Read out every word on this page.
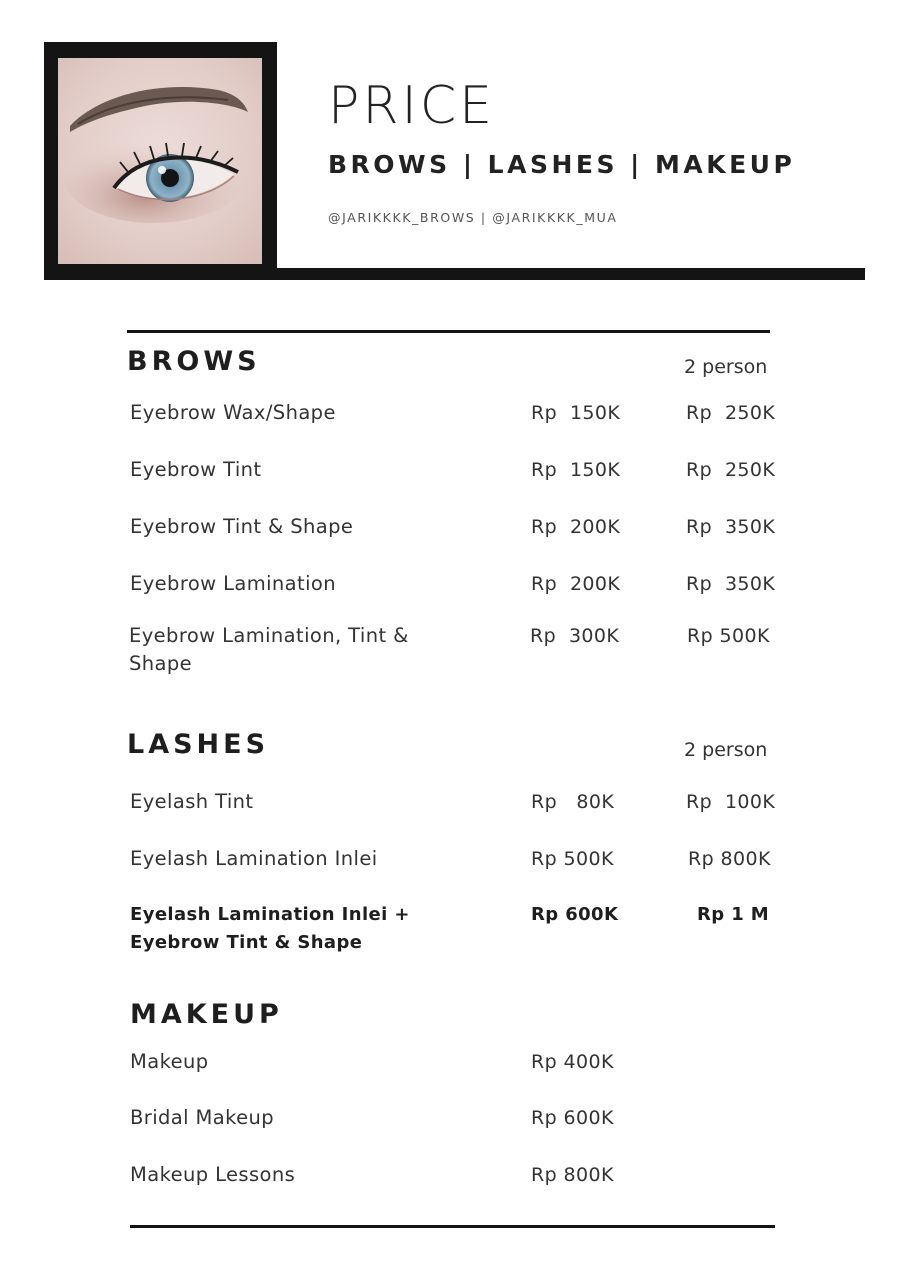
PRICE
BROWS | LASHES | MAKEUP
@JARIKKKK_BROWS | @JARIKKKK_MUA
BROWS	2 person
Eyebrow Wax/Shape	Rp  150K	Rp  250K
Eyebrow Tint	Rp  150K	Rp  250K
Eyebrow Tint & Shape	Rp  200K	Rp  350K
Eyebrow Lamination	Rp  200K	Rp  350K
Eyebrow Lamination, Tint &
Shape
Rp  300K	Rp 500K
LASHES	2 person
Eyelash Tint	Rp   80K	Rp  100K
Eyelash Lamination Inlei	Rp 500K	Rp 800K
Eyelash Lamination Inlei +
Eyebrow Tint & Shape
Rp 600K	Rp 1 M
MAKEUP
Makeup	Rp 400K
Bridal Makeup	Rp 600K
Makeup Lessons	Rp 800K
